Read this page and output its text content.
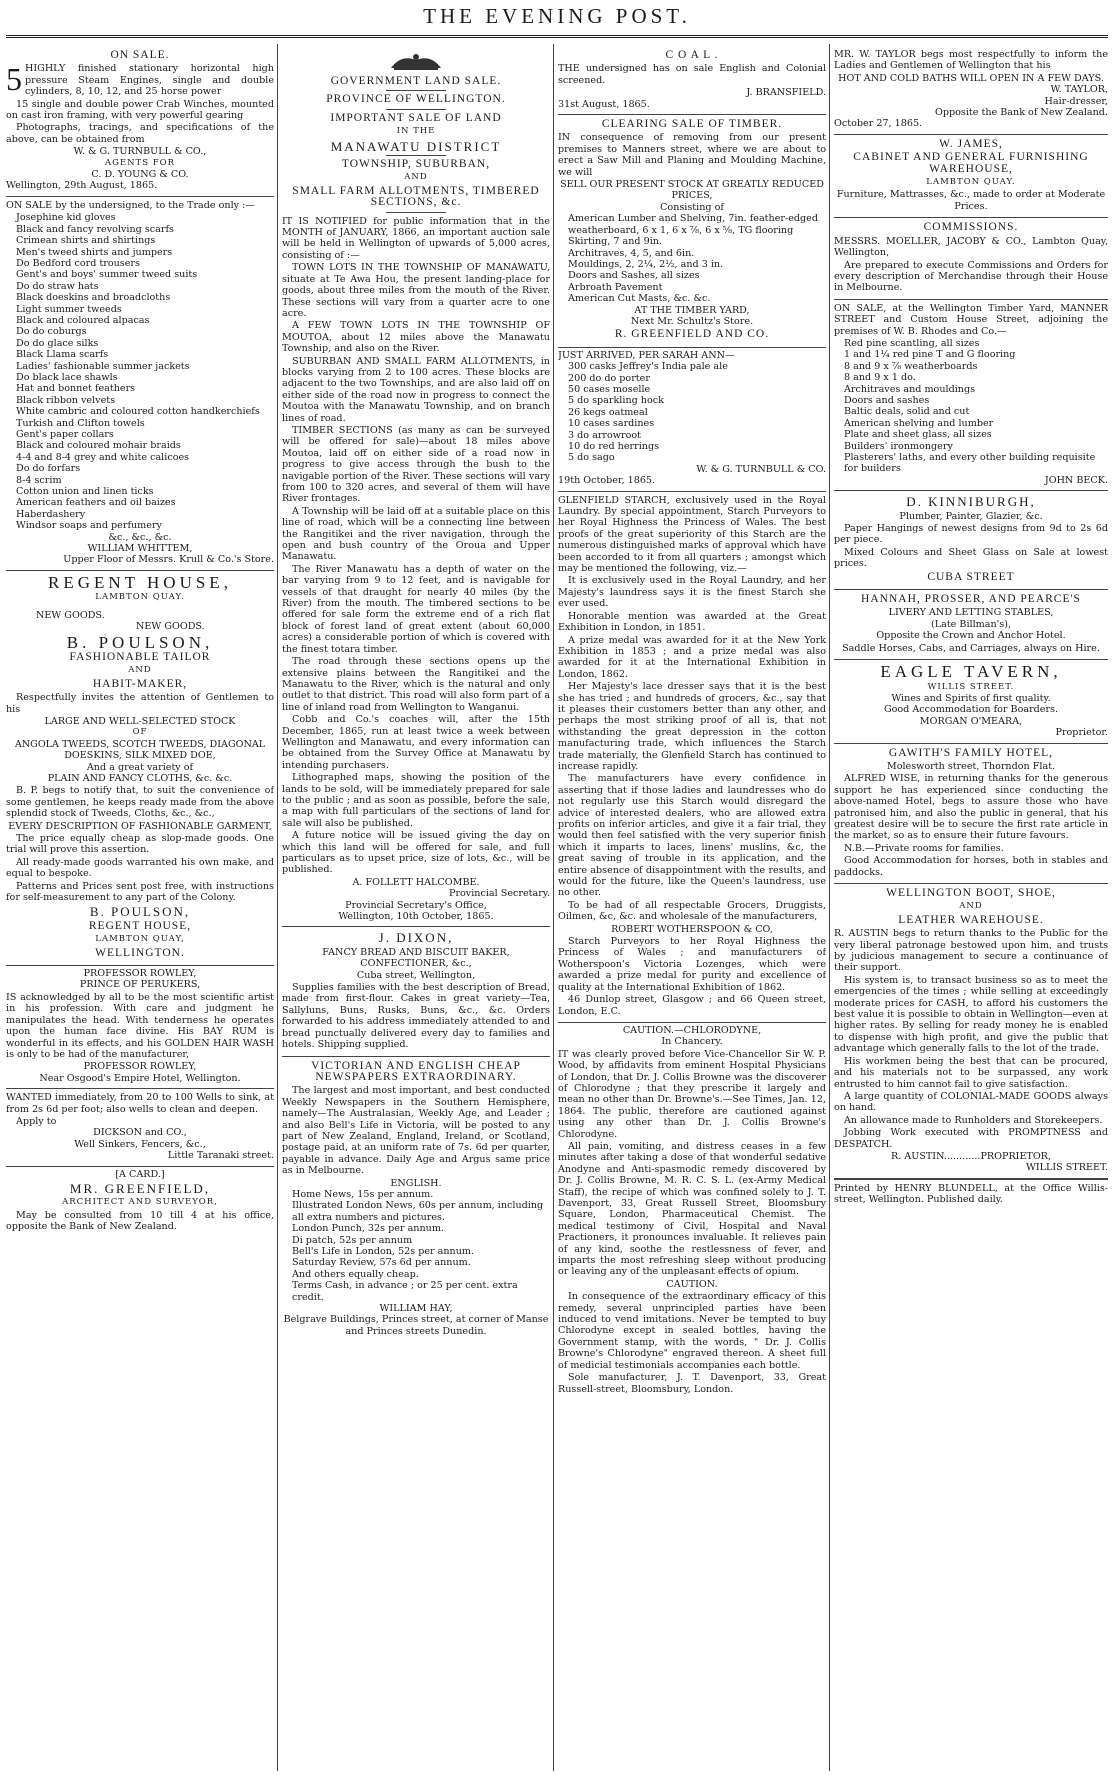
THE EVENING POST.
ON SALE.
5 HIGHLY finished stationary horizontal high pressure Steam Engines, single and double cylinders, 8, 10, 12, and 25 horse power

15 single and double power Crab Winches, mounted on cast iron framing, with very powerful gearing

Photographs, tracings, and specifications of the above, can be obtained from

W. & G. TURNBULL & CO.,
AGENTS FOR
C. D. YOUNG & CO.
Wellington, 29th August, 1865.

ON SALE by the undersigned, to the Trade only :—

Josephine kid gloves
Black and fancy revolving scarfs
Crimean shirts and shirtings
Men's tweed shirts and jumpers
Do Bedford cord trousers
Gent's and boys' summer tweed suits
Do do straw hats
Black doeskins and broadcloths
Light summer tweeds
Black and coloured alpacas
Do do coburgs
Do do glace silks
Black Llama scarfs
Ladies' fashionable summer jackets
Do black lace shawls
Hat and bonnet feathers
Black ribbon velvets
White cambric and coloured cotton handkerchiefs
Turkish and Clifton towels
Gent's paper collars
Black and coloured mohair braids
4-4 and 8-4 grey and white calicoes
Do do forfars
8-4 scrim
Cotton union and linen ticks
American feathers and oil baizes
Haberdashery
Windsor soaps and perfumery
&c., &c., &c.
WILLIAM WHITTEM,
Upper Floor of Messrs. Krull & Co.'s Store.
REGENT HOUSE,
LAMBTON QUAY.
NEW GOODS.
NEW GOODS.
B. POULSON,
FASHIONABLE TAILOR
AND
HABIT-MAKER,

Respectfully invites the attention of Gentlemen to his

LARGE AND WELL-SELECTED STOCK
OF
ANGOLA TWEEDS, SCOTCH TWEEDS, DIAGONAL DOESKINS, SILK MIXED DOE,
And a great variety of
PLAIN AND FANCY CLOTHS, &c. &c.

B. P. begs to notify that, to suit the convenience of some gentlemen, he keeps ready made from the above splendid stock of Tweeds, Cloths, &c., &c.,

EVERY DESCRIPTION OF FASHIONABLE GARMENT,

The price equally cheap as slop-made goods. One trial will prove this assertion.

All ready-made goods warranted his own make, and equal to bespoke.

Patterns and Prices sent post free, with instructions for self-measurement to any part of the Colony.

B. POULSON,
REGENT HOUSE,
LAMBTON QUAY,
WELLINGTON.
PROFESSOR ROWLEY,
PRINCE OF PERUKERS,

IS acknowledged by all to be the most scientific artist in his profession. With care and judgment he manipulates the head. With tenderness he operates upon the human face divine. His BAY RUM is wonderful in its effects, and his GOLDEN HAIR WASH is only to be had of the manufacturer,

PROFESSOR ROWLEY,
Near Osgood's Empire Hotel, Wellington.

WANTED immediately, from 20 to 100 Wells to sink, at from 2s 6d per foot; also wells to clean and deepen.

Apply to
DICKSON and CO.,
Well Sinkers, Fencers, &c.,
Little Taranaki street.
[A CARD.]
MR. GREENFIELD,
ARCHITECT AND SURVEYOR,

May be consulted from 10 till 4 at his office, opposite the Bank of New Zealand.

GOVERNMENT LAND SALE.
PROVINCE OF WELLINGTON.
IMPORTANT SALE OF LAND
IN THE
MANAWATU DISTRICT
TOWNSHIP, SUBURBAN,
AND
SMALL FARM ALLOTMENTS, TIMBERED SECTIONS, &c.

IT IS NOTIFIED for public information that in the MONTH of JANUARY, 1866, an important auction sale will be held in Wellington of upwards of 5,000 acres, consisting of :—

TOWN LOTS IN THE TOWNSHIP OF MANAWATU, situate at Te Awa Hou, the present landing-place for goods, about three miles from the mouth of the River. These sections will vary from a quarter acre to one acre.

A FEW TOWN LOTS IN THE TOWNSHIP OF MOUTOA, about 12 miles above the Manawatu Township, and also on the River.

SUBURBAN AND SMALL FARM ALLOTMENTS, in blocks varying from 2 to 100 acres. These blocks are adjacent to the two Townships, and are also laid off on either side of the road now in progress to connect the Moutoa with the Manawatu Township, and on branch lines of road.

TIMBER SECTIONS (as many as can be surveyed will be offered for sale)—about 18 miles above Moutoa, laid off on either side of a road now in progress to give access through the bush to the navigable portion of the River. These sections will vary from 100 to 320 acres, and several of them will have River frontages.

A Township will be laid off at a suitable place on this line of road, which will be a connecting line between the Rangitikei and the river navigation, through the open and bush country of the Oroua and Upper Manawatu.

The River Manawatu has a depth of water on the bar varying from 9 to 12 feet, and is navigable for vessels of that draught for nearly 40 miles (by the River) from the mouth. The timbered sections to be offered for sale form the extreme end of a rich flat block of forest land of great extent (about 60,000 acres) a considerable portion of which is covered with the finest totara timber.

The road through these sections opens up the extensive plains between the Rangitikei and the Manawatu to the River, which is the natural and only outlet to that district. This road will also form part of a line of inland road from Wellington to Wanganui.

Cobb and Co.'s coaches will, after the 15th December, 1865, run at least twice a week between Wellington and Manawatu, and every information can be obtained from the Survey Office at Manawatu by intending purchasers.

Lithographed maps, showing the position of the lands to be sold, will be immediately prepared for sale to the public ; and as soon as possible, before the sale, a map with full particulars of the sections of land for sale will also be published.

A future notice will be issued giving the day on which this land will be offered for sale, and full particulars as to upset price, size of lots, &c., will be published.

A. FOLLETT HALCOMBE.
Provincial Secretary.
Provincial Secretary's Office,
Wellington, 10th October, 1865.
J. DIXON,
FANCY BREAD AND BISCUIT BAKER, CONFECTIONER, &c.,
Cuba street, Wellington,

Supplies families with the best description of Bread, made from first-flour. Cakes in great variety—Tea, Sallyluns, Buns, Rusks, Buns, &c., &c. Orders forwarded to his address immediately attended to and bread punctually delivered every day to families and hotels. Shipping supplied.

VICTORIAN AND ENGLISH CHEAP NEWSPAPERS EXTRAORDINARY.

The largest and most important, and best conducted Weekly Newspapers in the Southern Hemisphere, namely—The Australasian, Weekly Age, and Leader ; and also Bell's Life in Victoria, will be posted to any part of New Zealand, England, Ireland, or Scotland, postage paid, at an uniform rate of 7s. 6d per quarter, payable in advance. Daily Age and Argus same price as in Melbourne.

ENGLISH.
Home News, 15s per annum.
Illustrated London News, 60s per annum, including all extra numbers and pictures.
London Punch, 32s per annum.
Di patch, 52s per annum
Bell's Life in London, 52s per annum.
Saturday Review, 57s 6d per annum.
And others equally cheap.
Terms Cash, in advance ; or 25 per cent. extra credit.
WILLIAM HAY,
Belgrave Buildings, Princes street, at corner of Manse and Princes streets Dunedin.
C O A L .

THE undersigned has on sale English and Colonial screened.

J. BRANSFIELD.
31st August, 1865.
CLEARING SALE OF TIMBER.

IN consequence of removing from our present premises to Manners street, where we are about to erect a Saw Mill and Planing and Moulding Machine, we will

SELL OUR PRESENT STOCK AT GREATLY REDUCED PRICES,
Consisting of
American Lumber and Shelving, 7in. feather-edged weatherboard, 6 x 1, 6 x ⅞, 6 x ⅝, TG flooring
Skirting, 7 and 9in.
Architraves, 4, 5, and 6in.
Mouldings, 2, 2¼, 2½, and 3 in.
Doors and Sashes, all sizes
Arbroath Pavement
American Cut Masts, &c. &c.
AT THE TIMBER YARD,
Next Mr. Schultz's Store.
R. GREENFIELD AND CO.
JUST ARRIVED, PER SARAH ANN—
300 casks Jeffrey's India pale ale
200 do do porter
50 cases moselle
5 do sparkling hock
26 kegs oatmeal
10 cases sardines
3 do arrowroot
10 do red herrings
5 do sago
W. & G. TURNBULL & CO.
19th October, 1865.

GLENFIELD STARCH, exclusively used in the Royal Laundry. By special appointment, Starch Purveyors to her Royal Highness the Princess of Wales. The best proofs of the great superiority of this Starch are the numerous distinguished marks of approval which have been accorded to it from all quarters ; amongst which may be mentioned the following, viz.—

It is exclusively used in the Royal Laundry, and her Majesty's laundress says it is the finest Starch she ever used.

Honorable mention was awarded at the Great Exhibition in London, in 1851.

A prize medal was awarded for it at the New York Exhibition in 1853 ; and a prize medal was also awarded for it at the International Exhibition in London, 1862.

Her Majesty's lace dresser says that it is the best she has tried ; and hundreds of grocers, &c., say that it pleases their customers better than any other, and perhaps the most striking proof of all is, that not withstanding the great depression in the cotton manufacturing trade, which influences the Starch trade materially, the Glenfield Starch has continued to increase rapidly.

The manufacturers have every confidence in asserting that if those ladies and laundresses who do not regularly use this Starch would disregard the advice of interested dealers, who are allowed extra profits on inferior articles, and give it a fair trial, they would then feel satisfied with the very superior finish which it imparts to laces, linens' muslins, &c, the great saving of trouble in its application, and the entire absence of disappointment with the results, and would for the future, like the Queen's laundress, use no other.

To be had of all respectable Grocers, Druggists, Oilmen, &c, &c. and wholesale of the manufacturers,

ROBERT WOTHERSPOON & CO,

Starch Purveyors to her Royal Highness the Princess of Wales ; and manufacturers of Wotherspoon's Victoria Lozenges, which were awarded a prize medal for purity and excellence of quality at the International Exhibition of 1862.

46 Dunlop street, Glasgow ; and 66 Queen street, London, E.C.

CAUTION.—CHLORODYNE,
In Chancery.

IT was clearly proved before Vice-Chancellor Sir W. P. Wood, by affidavits from eminent Hospital Physicians of London, that Dr. J. Collis Browne was the discoverer of Chlorodyne ; that they prescribe it largely and mean no other than Dr. Browne's.—See Times, Jan. 12, 1864. The public, therefore are cautioned against using any other than Dr. J. Collis Browne's Chlorodyne.

All pain, vomiting, and distress ceases in a few minutes after taking a dose of that wonderful sedative Anodyne and Anti-spasmodic remedy discovered by Dr. J. Collis Browne, M. R. C. S. L. (ex-Army Medical Staff), the recipe of which was confined solely to J. T. Davenport, 33, Great Russell Street, Bloomsbury Square, London, Pharmaceutical Chemist. The medical testimony of Civil, Hospital and Naval Practioners, it pronounces invaluable. It relieves pain of any kind, soothe the restlessness of fever, and imparts the most refreshing sleep without producing or leaving any of the unpleasant effects of opium.

CAUTION.

In consequence of the extraordinary efficacy of this remedy, several unprincipled parties have been induced to vend imitations. Never be tempted to buy Chlorodyne except in sealed bottles, having the Government stamp, with the words, " Dr. J. Collis Browne's Chlorodyne" engraved thereon. A sheet full of medicial testimonials accompanies each bottle.

Sole manufacturer, J. T. Davenport, 33, Great Russell-street, Bloomsbury, London.

MR. W. TAYLOR begs most respectfully to inform the Ladies and Gentlemen of Wellington that his

HOT AND COLD BATHS WILL OPEN IN A FEW DAYS.
W. TAYLOR,
Hair-dresser,
Opposite the Bank of New Zealand.
October 27, 1865.
W. JAMES,
CABINET AND GENERAL FURNISHING WAREHOUSE,
LAMBTON QUAY.

Furniture, Mattrasses, &c., made to order at Moderate Prices.

COMMISSIONS.

MESSRS. MOELLER, JACOBY & CO., Lambton Quay, Wellington,

Are prepared to execute Commissions and Orders for every description of Merchandise through their House in Melbourne.

ON SALE, at the Wellington Timber Yard, MANNER STREET and Custom House Street, adjoining the premises of W. B. Rhodes and Co.—

Red pine scantling, all sizes
1 and 1¼ red pine T and G flooring
8 and 9 x ⅞ weatherboards
8 and 9 x 1 do.
Architraves and mouldings
Doors and sashes
Baltic deals, solid and cut
American shelving and lumber
Plate and sheet glass, all sizes
Builders' ironmongery
Plasterers' laths, and every other building requisite for builders
JOHN BECK.
D. KINNIBURGH,
Plumber, Painter, Glazier, &c.

Paper Hangings of newest designs from 9d to 2s 6d per piece.

Mixed Colours and Sheet Glass on Sale at lowest prices.

CUBA STREET
HANNAH, PROSSER, AND PEARCE'S
LIVERY AND LETTING STABLES,
(Late Billman's),
Opposite the Crown and Anchor Hotel.

Saddle Horses, Cabs, and Carriages, always on Hire.

EAGLE TAVERN,
WILLIS STREET.
Wines and Spirits of first quality.
Good Accommodation for Boarders.
MORGAN O'MEARA,
Proprietor.
GAWITH'S FAMILY HOTEL,
Molesworth street, Thorndon Flat.

ALFRED WISE, in returning thanks for the generous support he has experienced since conducting the above-named Hotel, begs to assure those who have patronised him, and also the public in general, that his greatest desire will be to secure the first rate article in the market, so as to ensure their future favours.

N.B.—Private rooms for families.

Good Accommodation for horses, both in stables and paddocks.

WELLINGTON BOOT, SHOE,
AND
LEATHER WAREHOUSE.

R. AUSTIN begs to return thanks to the Public for the very liberal patronage bestowed upon him, and trusts by judicious management to secure a continuance of their support.

His system is, to transact business so as to meet the emergencies of the times ; while selling at exceedingly moderate prices for CASH, to afford his customers the best value it is possible to obtain in Wellington—even at higher rates. By selling for ready money he is enabled to dispense with high profit, and give the public that advantage which generally falls to the lot of the trade.

His workmen being the best that can be procured, and his materials not to be surpassed, any work entrusted to him cannot fail to give satisfaction.

A large quantity of COLONIAL-MADE GOODS always on hand.

An allowance made to Runholders and Storekeepers.

Jobbing Work executed with PROMPTNESS and DESPATCH.

R. AUSTIN............PROPRIETOR,
WILLIS STREET.

Printed by HENRY BLUNDELL, at the Office Willis-street, Wellington. Published daily.
